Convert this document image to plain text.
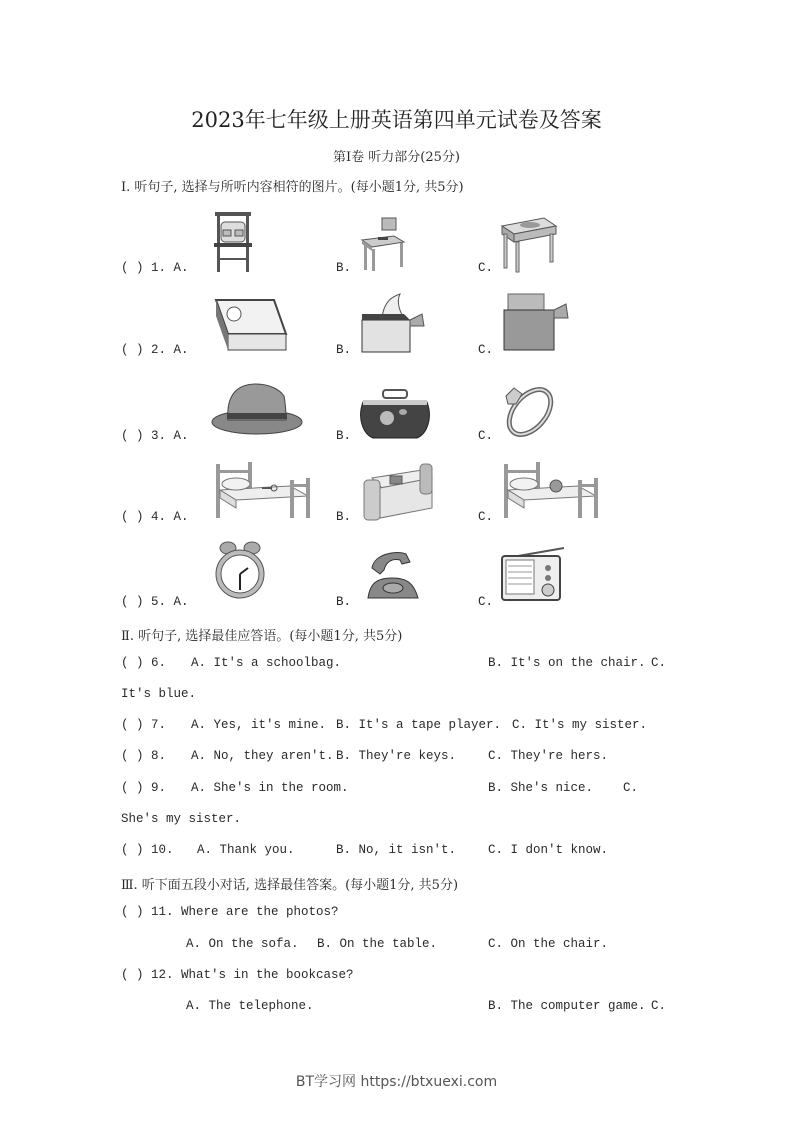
2023年七年级上册英语第四单元试卷及答案
第Ⅰ卷 听力部分(25分)
Ⅰ. 听句子, 选择与所听内容相符的图片。(每小题1分, 共5分)
( ) 1. A.	B.	C.
( ) 2. A.	B.	C.
( ) 3. A.	B.	C.
( ) 4. A.	B.	C.
( ) 5. A.	B.	C.
Ⅱ. 听句子, 选择最佳应答语。(每小题1分, 共5分)
( ) 6. A. It's a schoolbag.	B. It's on the chair. C.
It's blue.
( ) 7. A. Yes, it's mine. B. It's a tape player. C. It's my sister.
( ) 8. A. No, they aren't. B. They're keys.	C. They're hers.
( ) 9. A. She's in the room.	B. She's nice. C.
She's my sister.
( ) 10. A. Thank you.	B. No, it isn't.	C. I don't know.
Ⅲ. 听下面五段小对话, 选择最佳答案。(每小题1分, 共5分)
( ) 11. Where are the photos?
A. On the sofa. B. On the table.	C. On the chair.
( ) 12. What's in the bookcase?
A. The telephone.	B. The computer game. C.
BT学习网 https://btxuexi.com
